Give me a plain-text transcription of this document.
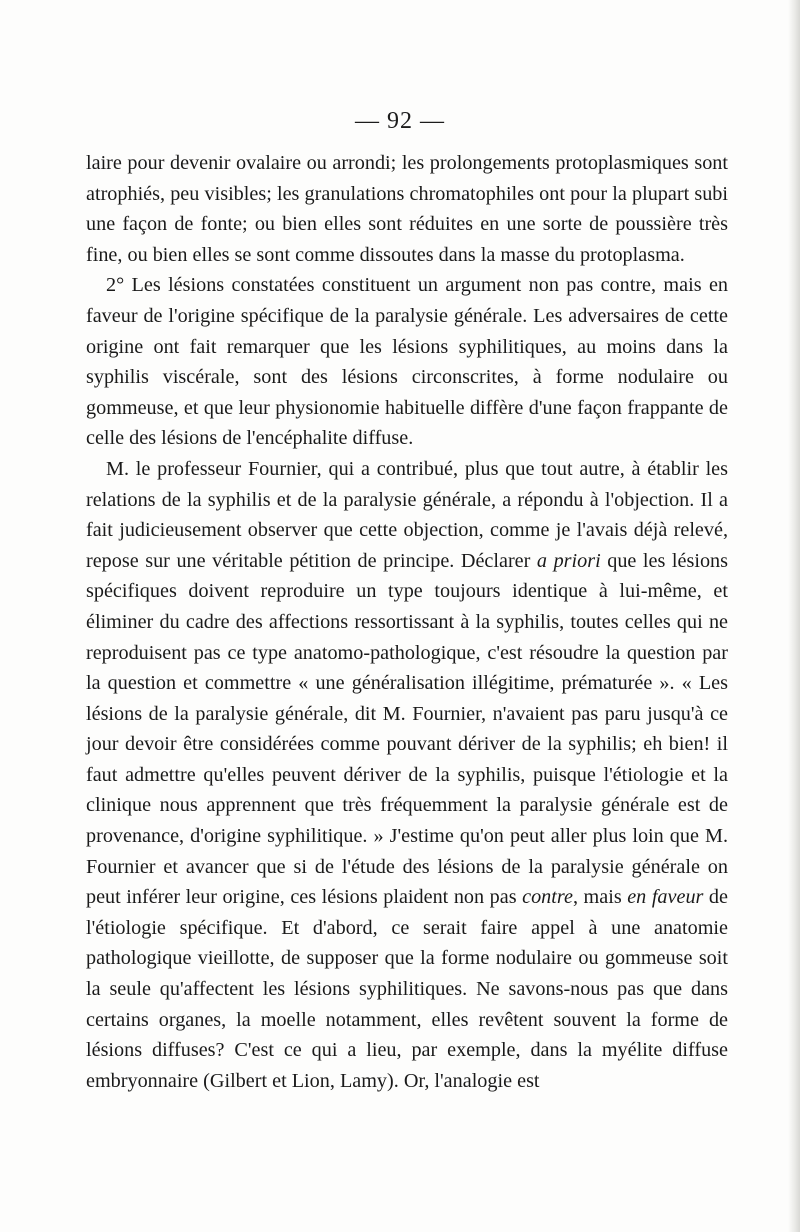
— 92 —

laire pour devenir ovalaire ou arrondi; les prolongements protoplasmiques sont atrophiés, peu visibles; les granulations chromatophiles ont pour la plupart subi une façon de fonte; ou bien elles sont réduites en une sorte de poussière très fine, ou bien elles se sont comme dissoutes dans la masse du protoplasma.

2° Les lésions constatées constituent un argument non pas contre, mais en faveur de l'origine spécifique de la paralysie générale. Les adversaires de cette origine ont fait remarquer que les lésions syphilitiques, au moins dans la syphilis viscérale, sont des lésions circonscrites, à forme nodulaire ou gommeuse, et que leur physionomie habituelle diffère d'une façon frappante de celle des lésions de l'encéphalite diffuse.

M. le professeur Fournier, qui a contribué, plus que tout autre, à établir les relations de la syphilis et de la paralysie générale, a répondu à l'objection. Il a fait judicieusement observer que cette objection, comme je l'avais déjà relevé, repose sur une véritable pétition de principe. Déclarer a priori que les lésions spécifiques doivent reproduire un type toujours identique à lui-même, et éliminer du cadre des affections ressortissant à la syphilis, toutes celles qui ne reproduisent pas ce type anatomo-pathologique, c'est résoudre la question par la question et commettre « une généralisation illégitime, prématurée ». « Les lésions de la paralysie générale, dit M. Fournier, n'avaient pas paru jusqu'à ce jour devoir être considérées comme pouvant dériver de la syphilis; eh bien! il faut admettre qu'elles peuvent dériver de la syphilis, puisque l'étiologie et la clinique nous apprennent que très fréquemment la paralysie générale est de provenance, d'origine syphilitique. » J'estime qu'on peut aller plus loin que M. Fournier et avancer que si de l'étude des lésions de la paralysie générale on peut inférer leur origine, ces lésions plaident non pas contre, mais en faveur de l'étiologie spécifique. Et d'abord, ce serait faire appel à une anatomie pathologique vieillotte, de supposer que la forme nodulaire ou gommeuse soit la seule qu'affectent les lésions syphilitiques. Ne savons-nous pas que dans certains organes, la moelle notamment, elles revêtent souvent la forme de lésions diffuses? C'est ce qui a lieu, par exemple, dans la myélite diffuse embryonnaire (Gilbert et Lion, Lamy). Or, l'analogie est
